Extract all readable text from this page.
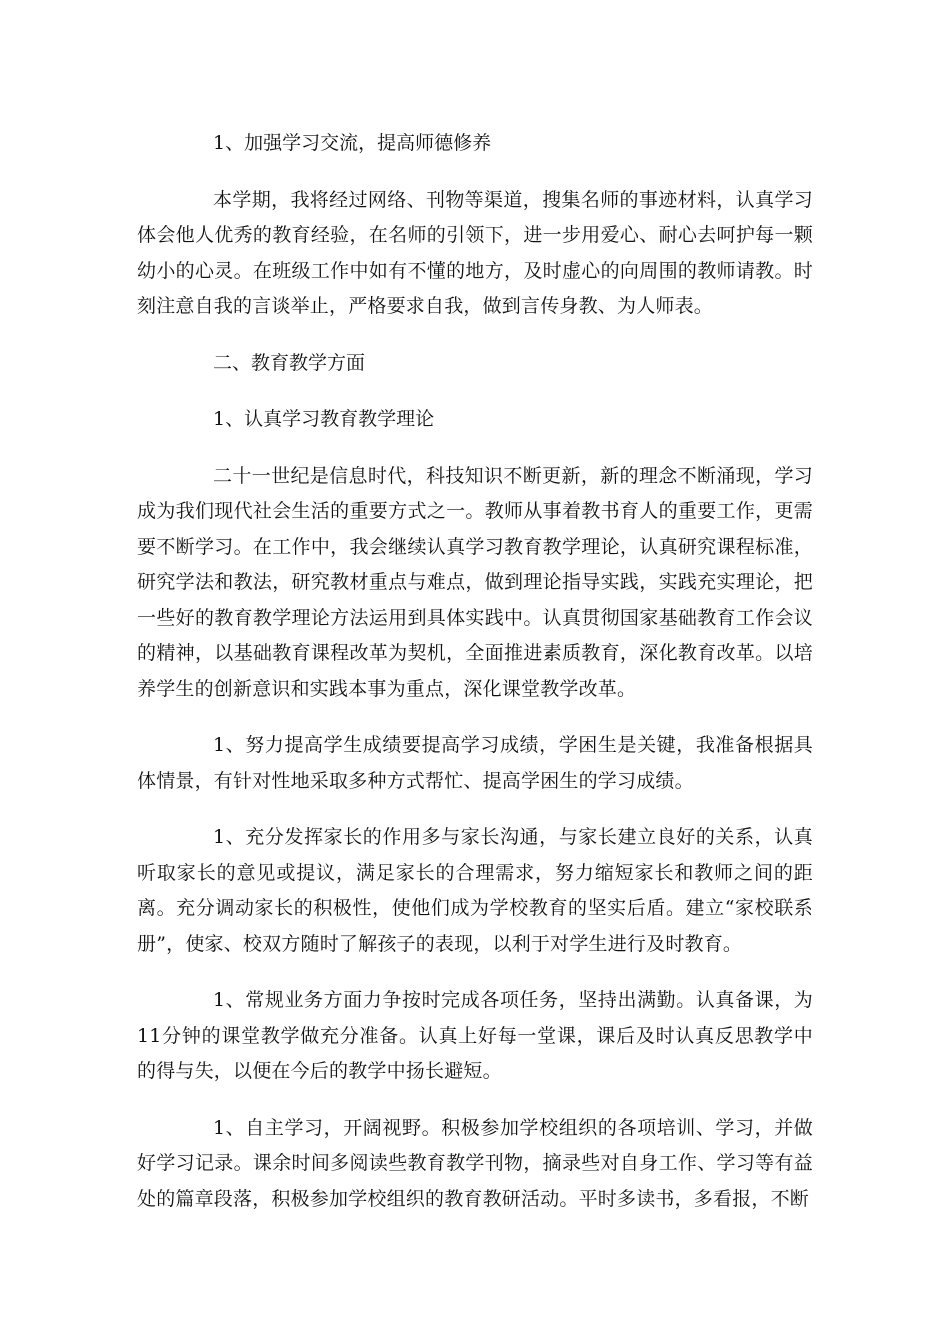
1、加强学习交流，提高师德修养

本学期，我将经过网络、刊物等渠道，搜集名师的事迹材料，认真学习体会他人优秀的教育经验，在名师的引领下，进一步用爱心、耐心去呵护每一颗幼小的心灵。在班级工作中如有不懂的地方，及时虚心的向周围的教师请教。时刻注意自我的言谈举止，严格要求自我，做到言传身教、为人师表。

二、教育教学方面

1、认真学习教育教学理论

二十一世纪是信息时代，科技知识不断更新，新的理念不断涌现，学习成为我们现代社会生活的重要方式之一。教师从事着教书育人的重要工作，更需要不断学习。在工作中，我会继续认真学习教育教学理论，认真研究课程标准，研究学法和教法，研究教材重点与难点，做到理论指导实践，实践充实理论，把一些好的教育教学理论方法运用到具体实践中。认真贯彻国家基础教育工作会议的精神，以基础教育课程改革为契机，全面推进素质教育，深化教育改革。以培养学生的创新意识和实践本事为重点，深化课堂教学改革。

1、努力提高学生成绩要提高学习成绩，学困生是关键，我准备根据具体情景，有针对性地采取多种方式帮忙、提高学困生的学习成绩。

1、充分发挥家长的作用多与家长沟通，与家长建立良好的关系，认真听取家长的意见或提议，满足家长的合理需求，努力缩短家长和教师之间的距离。充分调动家长的积极性，使他们成为学校教育的坚实后盾。建立“家校联系册”，使家、校双方随时了解孩子的表现，以利于对学生进行及时教育。

1、常规业务方面力争按时完成各项任务，坚持出满勤。认真备课，为11分钟的课堂教学做充分准备。认真上好每一堂课，课后及时认真反思教学中的得与失，以便在今后的教学中扬长避短。

1、自主学习，开阔视野。积极参加学校组织的各项培训、学习，并做好学习记录。课余时间多阅读些教育教学刊物，摘录些对自身工作、学习等有益处的篇章段落，积极参加学校组织的教育教研活动。平时多读书，多看报，不断
